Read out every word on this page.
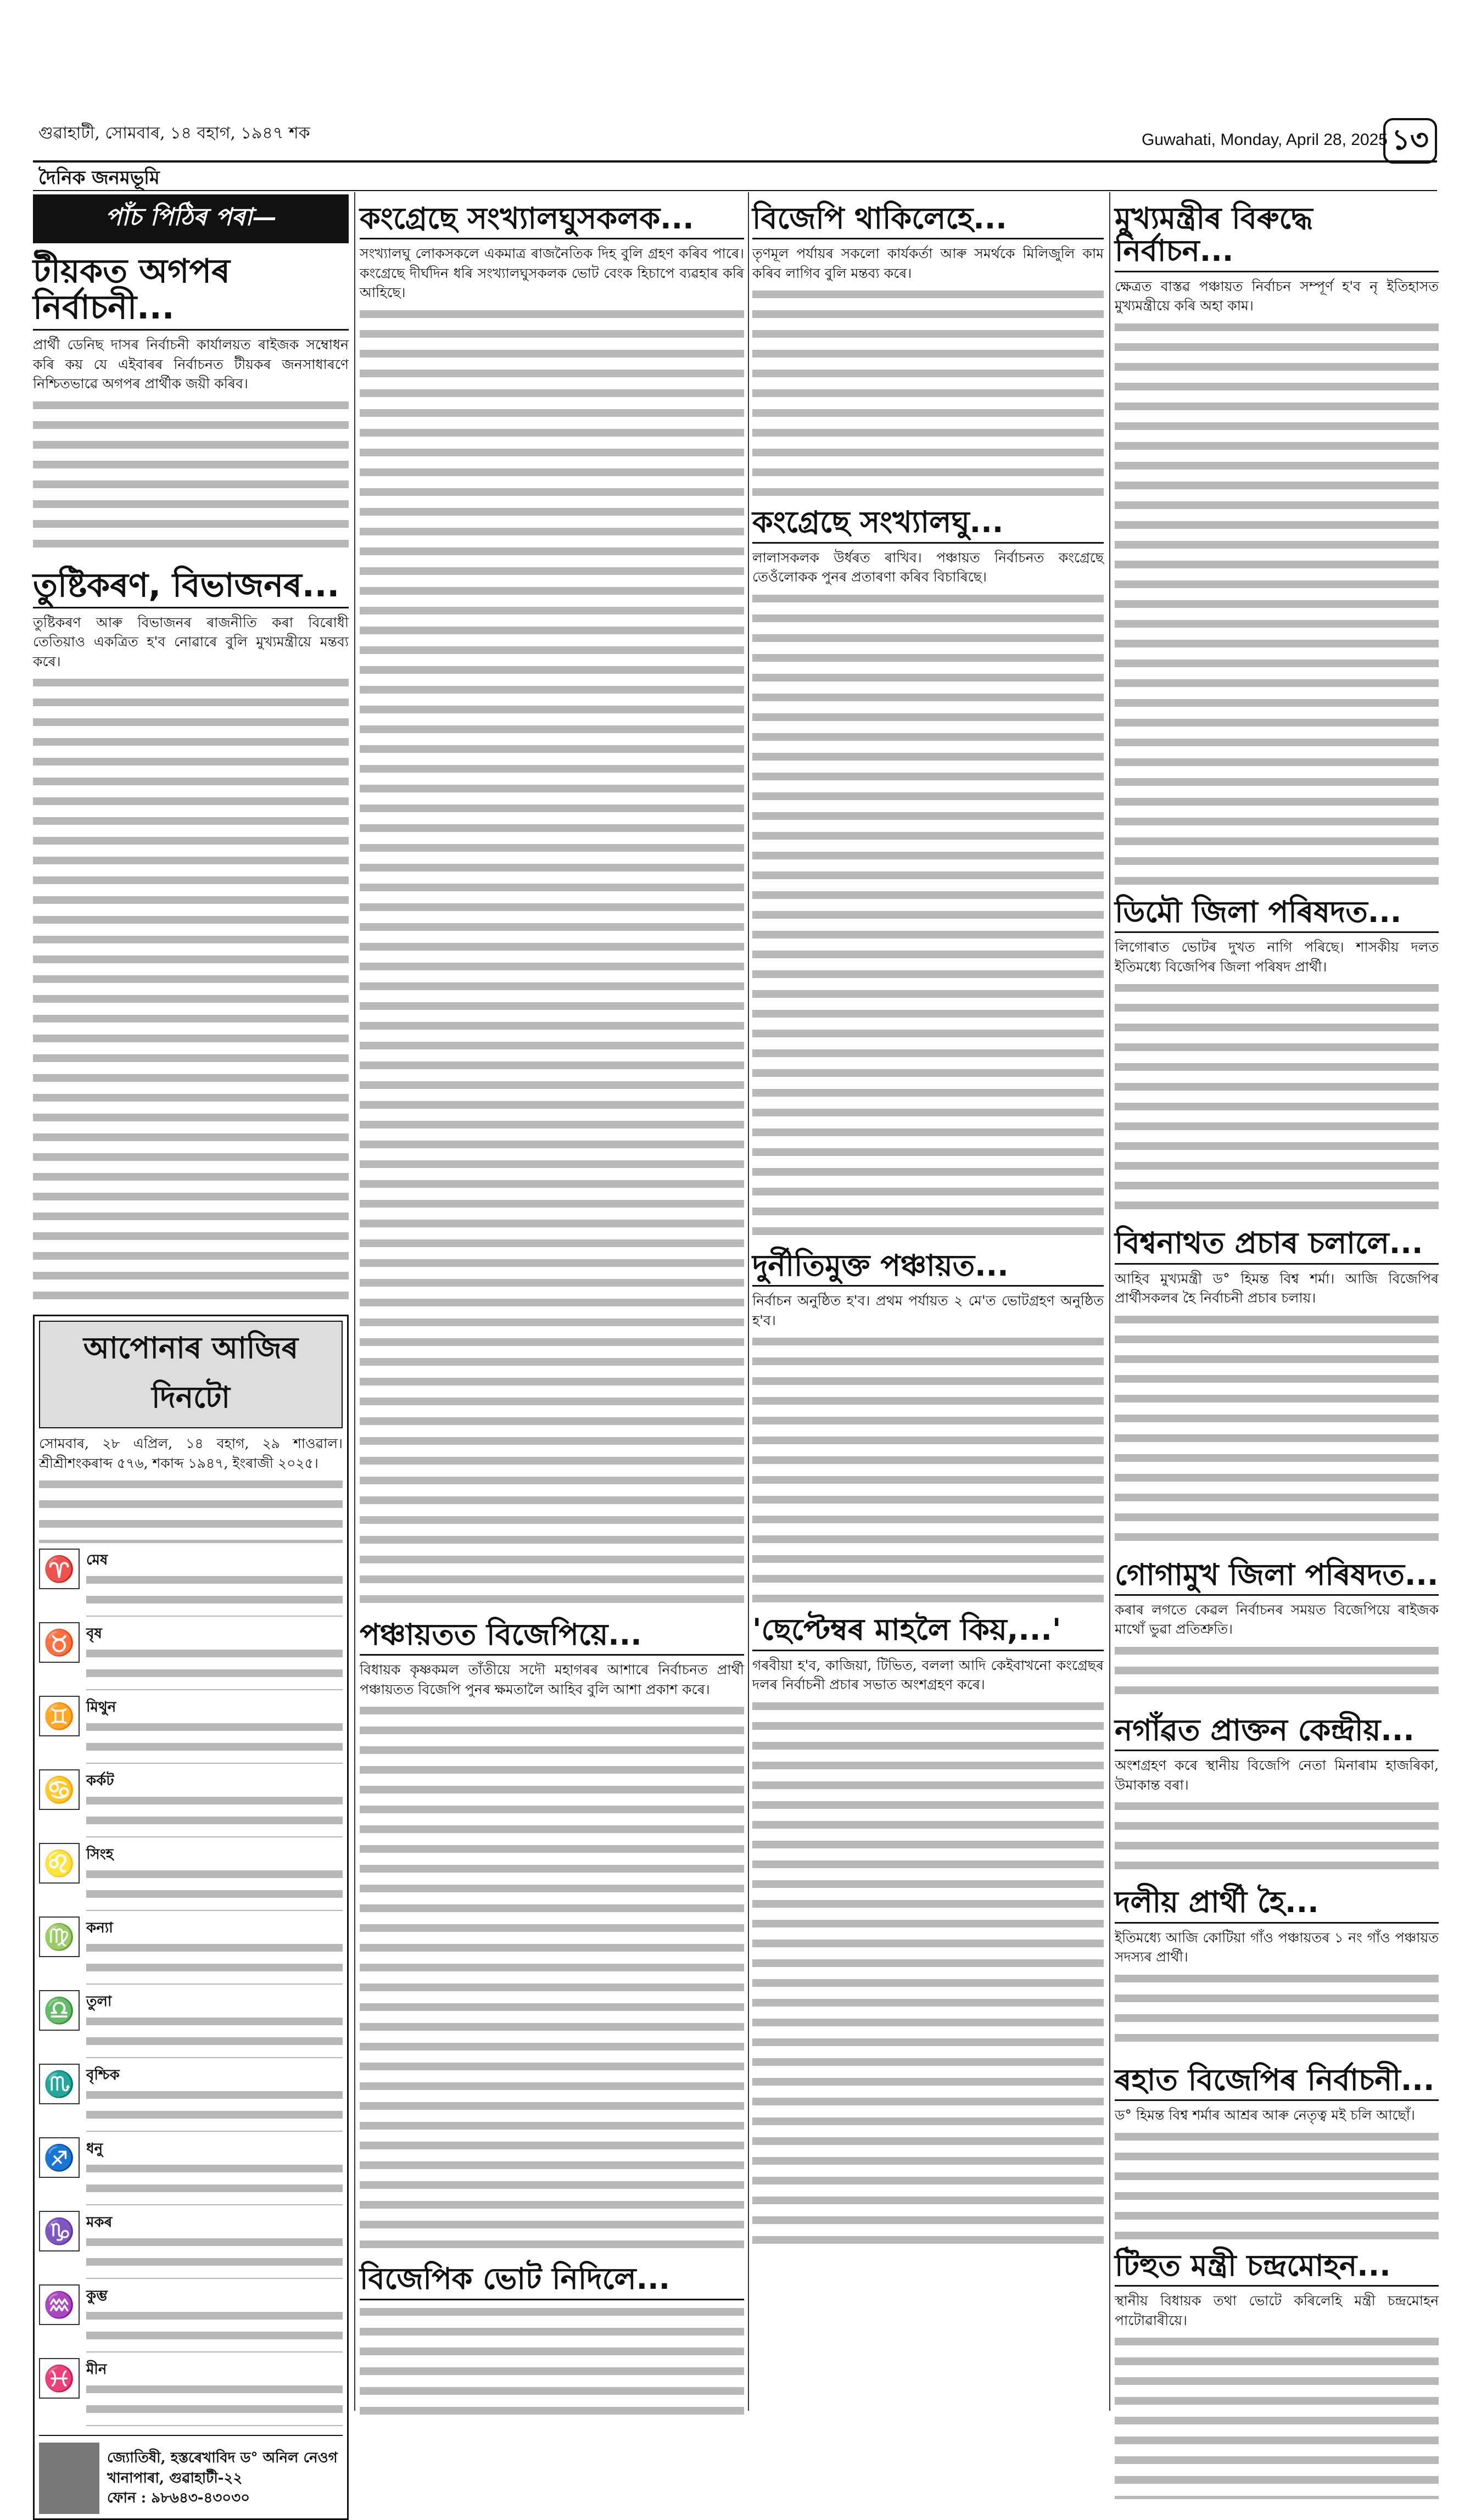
গুৱাহাটী, সোমবাৰ, ১৪ বহাগ, ১৯৪৭ শক	Guwahati, Monday, April 28, 2025 ১৩
দৈনিক জনমভূমি
পাঁচ পিঠিৰ পৰা—
টীয়কত অগপৰ নিৰ্বাচনী...

প্ৰাৰ্থী ডেনিছ দাসৰ নিৰ্বাচনী কাৰ্যালয়ত ৰাইজক সম্বোধন কৰি কয় যে এইবাৰৰ নিৰ্বাচনত টীয়কৰ জনসাধাৰণে নিশ্চিতভাৱে অগপৰ প্ৰাৰ্থীক জয়ী কৰিব।

তুষ্টিকৰণ, বিভাজনৰ...

তুষ্টিকৰণ আৰু বিভাজনৰ ৰাজনীতি কৰা বিৰোধী তেতিয়াও একত্ৰিত হ'ব নোৱাৰে বুলি মুখ্যমন্ত্ৰীয়ে মন্তব্য কৰে।

আপোনাৰ আজিৰ দিনটো

সোমবাৰ, ২৮ এপ্ৰিল, ১৪ বহাগ, ২৯ শাওৱাল। শ্ৰীশ্ৰীশংকৰাব্দ ৫৭৬, শকাব্দ ১৯৪৭, ইংৰাজী ২০২৫।

♈ মেষ
♉ বৃষ
♊ মিথুন
♋ কৰ্কট
♌ সিংহ
♍ কন্যা
♎ তুলা
♏ বৃশ্চিক
♐ ধনু
♑ মকৰ
♒ কুম্ভ
♓ মীন
জ্যোতিষী, হস্তৰেখাবিদ ড° অনিল নেওগ
খানাপাৰা, গুৱাহাটী-২২
ফোন : ৯৮৬৪৩-৪৩০৩০
কংগ্ৰেছে সংখ্যালঘুসকলক...

সংখ্যালঘু লোকসকলে একমাত্ৰ ৰাজনৈতিক দিহ বুলি গ্ৰহণ কৰিব পাৰে। কংগ্ৰেছে দীৰ্ঘদিন ধৰি সংখ্যালঘুসকলক ভোট বেংক হিচাপে ব্যৱহাৰ কৰি আহিছে।

পঞ্চায়তত বিজেপিয়ে...

বিধায়ক কৃষ্ণকমল তাঁতীয়ে সদৌ মহাগৰৰ আশাৰে নিৰ্বাচনত প্ৰাৰ্থী পঞ্চায়তত বিজেপি পুনৰ ক্ষমতালৈ আহিব বুলি আশা প্ৰকাশ কৰে।

বিজেপিক ভোট নিদিলে...
বিজেপি থাকিলেহে...

তৃণমূল পৰ্যায়ৰ সকলো কাৰ্যকৰ্তা আৰু সমৰ্থকে মিলিজুলি কাম কৰিব লাগিব বুলি মন্তব্য কৰে।

কংগ্ৰেছে সংখ্যালঘু...

লালাসকলক উৰ্ধৰত ৰাখিব। পঞ্চায়ত নিৰ্বাচনত কংগ্ৰেছে তেওঁলোকক পুনৰ প্ৰতাৰণা কৰিব বিচাৰিছে।

দুৰ্নীতিমুক্ত পঞ্চায়ত...

নিৰ্বাচন অনুষ্ঠিত হ'ব। প্ৰথম পৰ্যায়ত ২ মে'ত ভোটগ্ৰহণ অনুষ্ঠিত হ'ব।

'ছেপ্টেম্বৰ মাহলৈ কিয়,...'

গৰবীয়া হ'ব, কাজিয়া, টিভিত, বললা আদি কেইবাখনো কংগ্ৰেছৰ দলৰ নিৰ্বাচনী প্ৰচাৰ সভাত অংশগ্ৰহণ কৰে।

মুখ্যমন্ত্ৰীৰ বিৰুদ্ধে নিৰ্বাচন...

ক্ষেত্ৰত বাস্তৱ পঞ্চায়ত নিৰ্বাচন সম্পূৰ্ণ হ'ব নৃ ইতিহাসত মুখ্যমন্ত্ৰীয়ে কৰি অহা কাম।

ডিমৌ জিলা পৰিষদত...

লিগোৰাত ভোটৰ দুখত নাগি পৰিছে। শাসকীয় দলত ইতিমধ্যে বিজেপিৰ জিলা পৰিষদ প্ৰাৰ্থী।

বিশ্বনাথত প্ৰচাৰ চলালে...

আহিব মুখ্যমন্ত্ৰী ড° হিমন্ত বিশ্ব শৰ্মা। আজি বিজেপিৰ প্ৰাৰ্থীসকলৰ হৈ নিৰ্বাচনী প্ৰচাৰ চলায়।

গোগামুখ জিলা পৰিষদত...

কৰাৰ লগতে কেৱল নিৰ্বাচনৰ সময়ত বিজেপিয়ে ৰাইজক মাথোঁ ভুৱা প্ৰতিশ্ৰুতি।

নগাঁৱত প্ৰাক্তন কেন্দ্ৰীয়...

অংশগ্ৰহণ কৰে স্থানীয় বিজেপি নেতা মিনাৰাম হাজৰিকা, উমাকান্ত বৰা।

দলীয় প্ৰাৰ্থী হৈ...

ইতিমধ্যে আজি কোটিয়া গাঁও পঞ্চায়তৰ ১ নং গাঁও পঞ্চায়ত সদস্যৰ প্ৰাৰ্থী।

ৰহাত বিজেপিৰ নিৰ্বাচনী...

ড° হিমন্ত বিশ্ব শৰ্মাৰ আশ্ৰৰ আৰু নেতৃত্ব মই চলি আছোঁ।

টিহুত মন্ত্ৰী চন্দ্ৰমোহন...

স্থানীয় বিধায়ক তথা ভোটে কৰিলেহি মন্ত্ৰী চন্দ্ৰমোহন পাটোৱাৰীয়ে।
